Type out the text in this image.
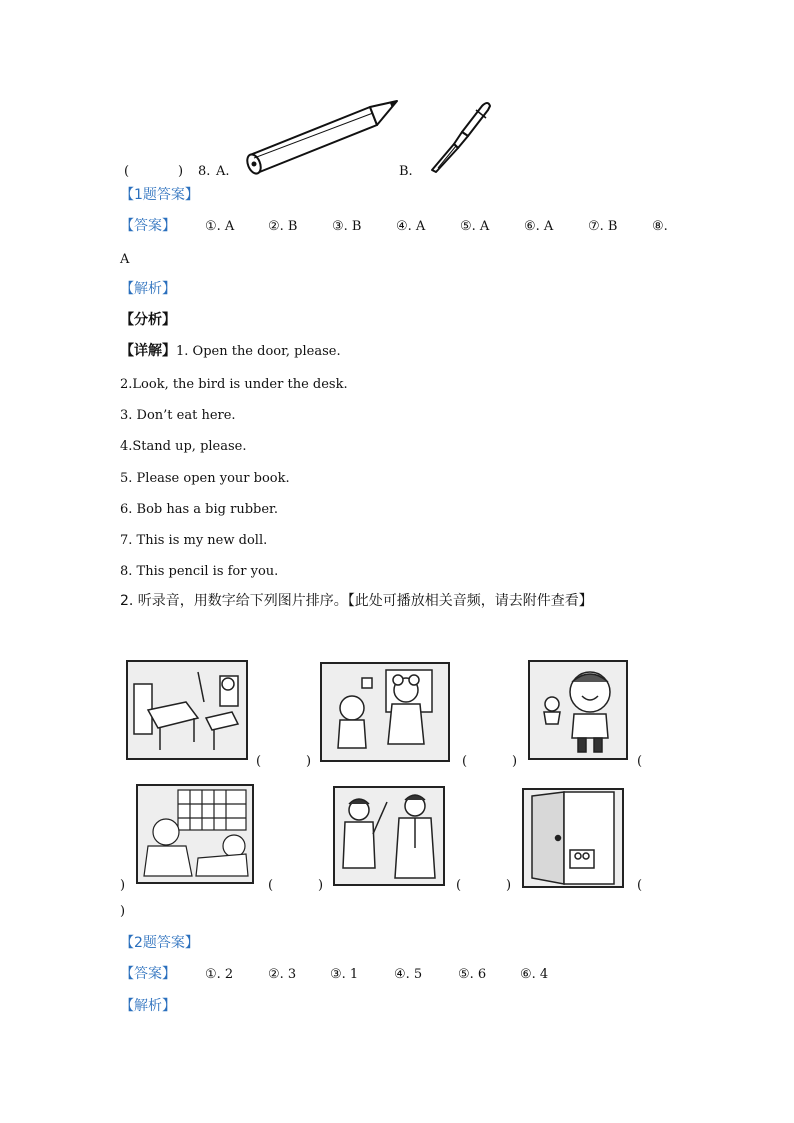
(	) 8. A.	B.
【1题答案】
【答案】 ①. A	②. B	③. B	④. A	⑤. A	⑥. A	⑦. B	⑧.
A
【解析】
【分析】
【详解】 1. Open the door, please.
2.Look, the bird is under the desk.
3. Don’t eat here.
4.Stand up, please.
5. Please open your book.
6. Bob has a big rubber.
7. This is my new doll.
8. This pencil is for you.
2. 听录音，用数字给下列图片排序。【此处可播放相关音频，请去附件查看】
(	)	(	)	(
)	(	)	(	)	(
)
【2题答案】
【答案】 ①. 2	②. 3	③. 1	④. 5	⑤. 6	⑥. 4
【解析】
